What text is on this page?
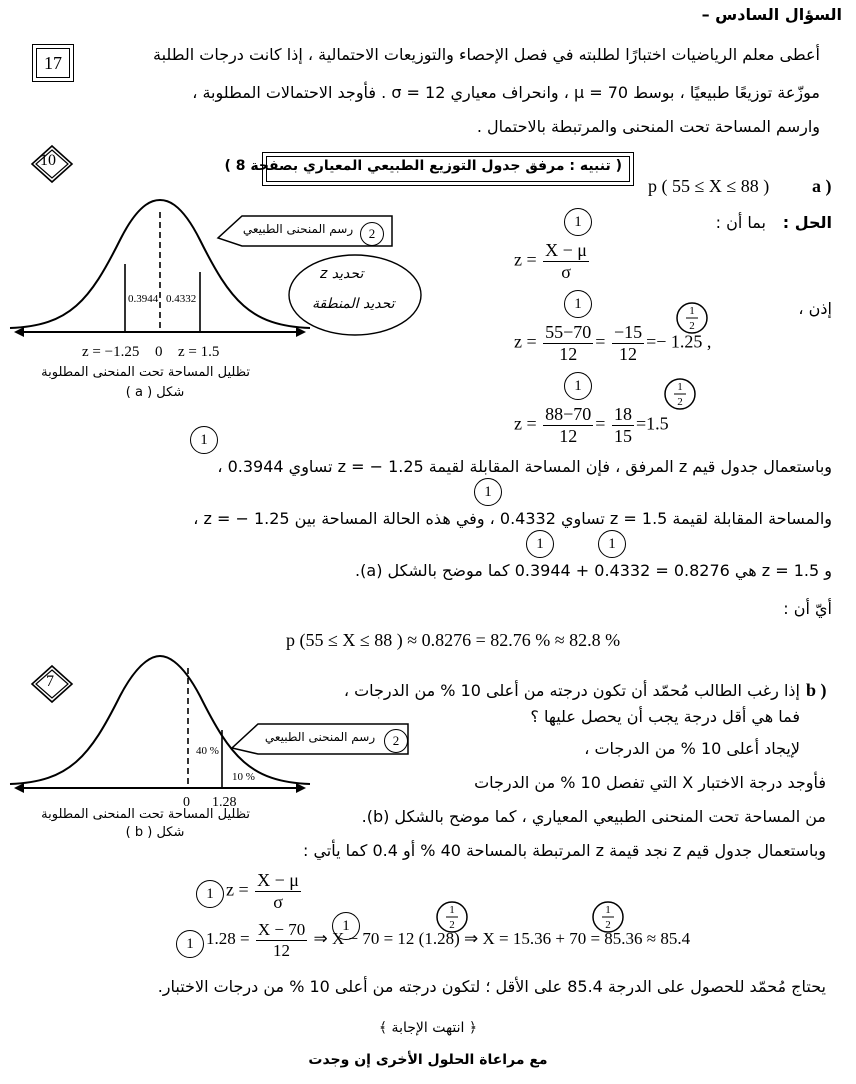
السؤال السادس –
17	أعطى معلم الرياضيات اختبارًا لطلبته في فصل الإحصاء والتوزيعات الاحتمالية ، إذا كانت درجات الطلبة
موزّعة توزيعًا طبيعيًا ، بوسط 70 = μ ، وانحراف معياري 12 = σ . فأوجد الاحتمالات المطلوبة ،
وارسم المساحة تحت المنحنى والمرتبطة بالاحتمال .
10	( تنبيه : مرفق جدول التوزيع الطبيعي المعياري بصفحة 8 )
p ( 55 ≤ X ≤ 88 ) a )
الحل :
بما أن :
إذن ،
1
1
1
$z = \frac{X - \mu}{\sigma}$
$z = \frac{55-70}{12} = \frac{-15}{12} =- 1.25$ ,
1
2
$z = \frac{88-70}{12} = \frac{18}{15} =1.5$
1
2
0.3944 0.4332
z = −1.25 0 z = 1.5
تظليل المساحة تحت المنحنى المطلوبة
شكل ( a )
2
رسم المنحنى الطبيعي
تحديد z
تحديد المنطقة
1
وباستعمال جدول قيم z المرفق ، فإن المساحة المقابلة لقيمة z = − 1.25 تساوي 0.3944 ،
1
والمساحة المقابلة لقيمة z = 1.5 تساوي 0.4332 ، وفي هذه الحالة المساحة بين z = − 1.25 ،
1	1
و z = 1.5 هي 0.8276 = 0.4332 + 0.3944 كما موضح بالشكل (a).
أيّ أن :
p (55 ≤ X ≤ 88 ) ≈ 0.8276 = 82.76 % ≈ 82.8 %
7
40 %
10 %
0 1.28
تظليل المساحة تحت المنحنى المطلوبة
شكل ( b )
2
رسم المنحنى الطبيعي
b )
إذا رغب الطالب مُحمّد أن تكون درجته من أعلى 10 % من الدرجات ،
فما هي أقل درجة يجب أن يحصل عليها ؟
لإيجاد أعلى 10 % من الدرجات ،
فأوجد درجة الاختبار X التي تفصل 10 % من الدرجات
من المساحة تحت المنحنى الطبيعي المعياري ، كما موضح بالشكل (b).
وباستعمال جدول قيم z نجد قيمة z المرتبطة بالمساحة 40 % أو 0.4 كما يأتي :
1 $z = \frac{X - \mu}{\sigma}$
1
1
1
2
1
2
$1.28 = \frac{X - 70}{12}$ ⇒ X − 70 = 12 (1.28) ⇒ X = 15.36 + 70 = 85.36 ≈ 85.4
يحتاج مُحمّد للحصول على الدرجة 85.4 على الأقل ؛ لتكون درجته من أعلى 10 % من درجات الاختبار.
﴿ انتهت الإجابة ﴾
مع مراعاة الحلول الأخرى إن وجدت
